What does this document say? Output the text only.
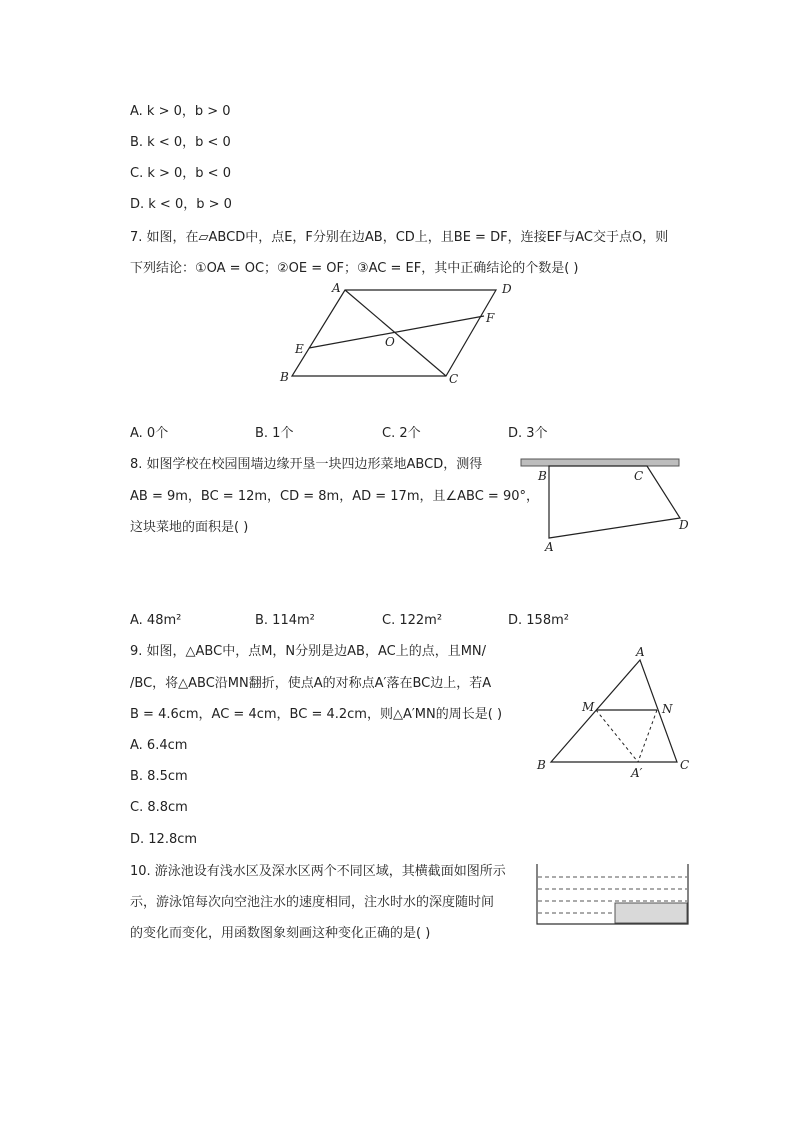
A. k > 0，b > 0
B. k < 0，b < 0
C. k > 0，b < 0
D. k < 0，b > 0
7. 如图，在▱ABCD中，点E，F分别在边AB，CD上，且BE = DF，连接EF与AC交于点O，则
下列结论：①OA = OC；②OE = OF；③AC = EF，其中正确结论的个数是( )
A	D
F
E	O
B	C
A. 0个	B. 1个	C. 2个	D. 3个
8. 如图学校在校园围墙边缘开垦一块四边形菜地ABCD，测得
AB = 9m，BC = 12m，CD = 8m，AD = 17m，且∠ABC = 90°，
这块菜地的面积是( )
B	C
D
A
A. 48m²	B. 114m²	C. 122m²	D. 158m²
9. 如图，△ABC中，点M，N分别是边AB，AC上的点，且MN/
/BC，将△ABC沿MN翻折，使点A的对称点A′落在BC边上，若A
B = 4.6cm，AC = 4cm，BC = 4.2cm，则△A′MN的周长是( )
A. 6.4cm
B. 8.5cm
C. 8.8cm
D. 12.8cm
A
M	N
B	C
A′
10. 游泳池设有浅水区及深水区两个不同区域，其横截面如图所示
示，游泳馆每次向空池注水的速度相同，注水时水的深度随时间
的变化而变化，用函数图象刻画这种变化正确的是( )
